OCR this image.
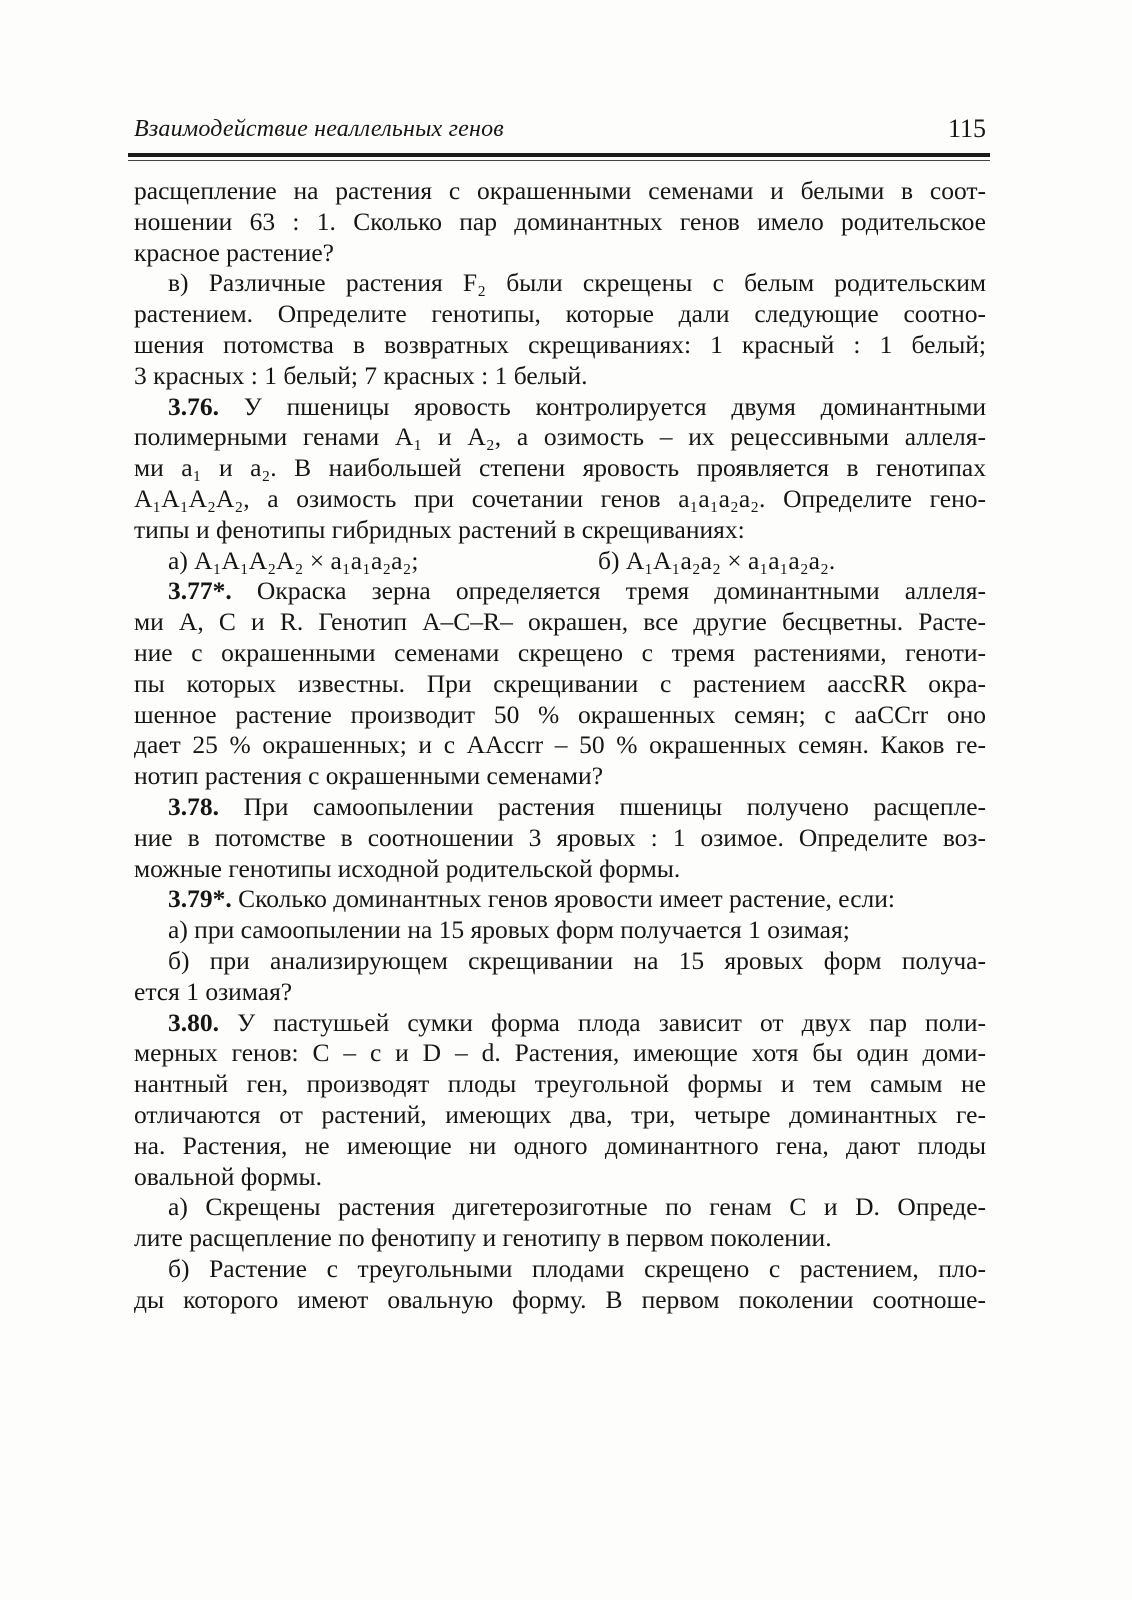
Взаимодействие неаллельных генов	115
расщепление на растения с окрашенными семенами и белыми в соот-
ношении 63 : 1. Сколько пар доминантных генов имело родительское
красное растение?
в) Различные растения F₂ были скрещены с белым родительским
растением. Определите генотипы, которые дали следующие соотно-
шения потомства в возвратных скрещиваниях: 1 красный : 1 белый;
3 красных : 1 белый; 7 красных : 1 белый.
3.76. У пшеницы яровость контролируется двумя доминантными
полимерными генами A₁ и A₂, а озимость – их рецессивными аллеля-
ми a₁ и a₂. В наибольшей степени яровость проявляется в генотипах
A₁A₁A₂A₂, а озимость при сочетании генов a₁a₁a₂a₂. Определите гено-
типы и фенотипы гибридных растений в скрещиваниях:
а) A₁A₁A₂A₂ × a₁a₁a₂a₂;	б) A₁A₁a₂a₂ × a₁a₁a₂a₂.
3.77*. Окраска зерна определяется тремя доминантными аллеля-
ми A, C и R. Генотип A–C–R– окрашен, все другие бесцветны. Расте-
ние с окрашенными семенами скрещено с тремя растениями, геноти-
пы которых известны. При скрещивании с растением aaccRR окра-
шенное растение производит 50 % окрашенных семян; с aaCCrr оно
дает 25 % окрашенных; и с AAccrr – 50 % окрашенных семян. Каков ге-
нотип растения с окрашенными семенами?
3.78. При самоопылении растения пшеницы получено расщепле-
ние в потомстве в соотношении 3 яровых : 1 озимое. Определите воз-
можные генотипы исходной родительской формы.
3.79*. Сколько доминантных генов яровости имеет растение, если:
а) при самоопылении на 15 яровых форм получается 1 озимая;
б) при анализирующем скрещивании на 15 яровых форм получа-
ется 1 озимая?
3.80. У пастушьей сумки форма плода зависит от двух пар поли-
мерных генов: C – c и D – d. Растения, имеющие хотя бы один доми-
нантный ген, производят плоды треугольной формы и тем самым не
отличаются от растений, имеющих два, три, четыре доминантных ге-
на. Растения, не имеющие ни одного доминантного гена, дают плоды
овальной формы.
а) Скрещены растения дигетерозиготные по генам C и D. Опреде-
лите расщепление по фенотипу и генотипу в первом поколении.
б) Растение с треугольными плодами скрещено с растением, пло-
ды которого имеют овальную форму. В первом поколении соотноше-
